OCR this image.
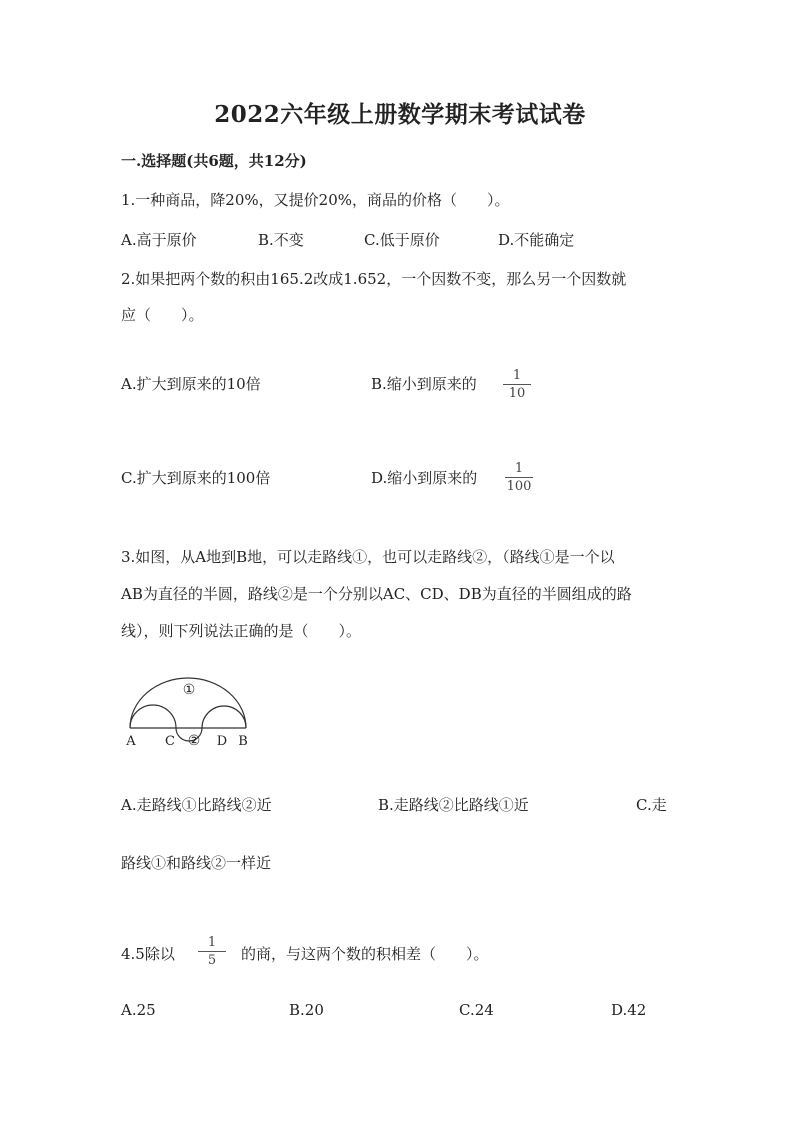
2022六年级上册数学期末考试试卷
一.选择题(共6题，共12分)
1.一种商品，降20%，又提价20%，商品的价格（　　）。
A.高于原价	B.不变	C.低于原价	D.不能确定
2.如果把两个数的积由165.2改成1.652，一个因数不变，那么另一个因数就
应（　　）。
A.扩大到原来的10倍	B.缩小到原来的	1
10
C.扩大到原来的100倍	D.缩小到原来的
1
100
3.如图，从A地到B地，可以走路线①，也可以走路线②，（路线①是一个以
AB为直径的半圆，路线②是一个分别以AC、CD、DB为直径的半圆组成的路
线），则下列说法正确的是（　　）。
①
A C ② D B
A.走路线①比路线②近	B.走路线②比路线①近	C.走
路线①和路线②一样近
4.5除以
1
5	的商，与这两个数的积相差（　　）。
A.25	B.20	C.24	D.42
